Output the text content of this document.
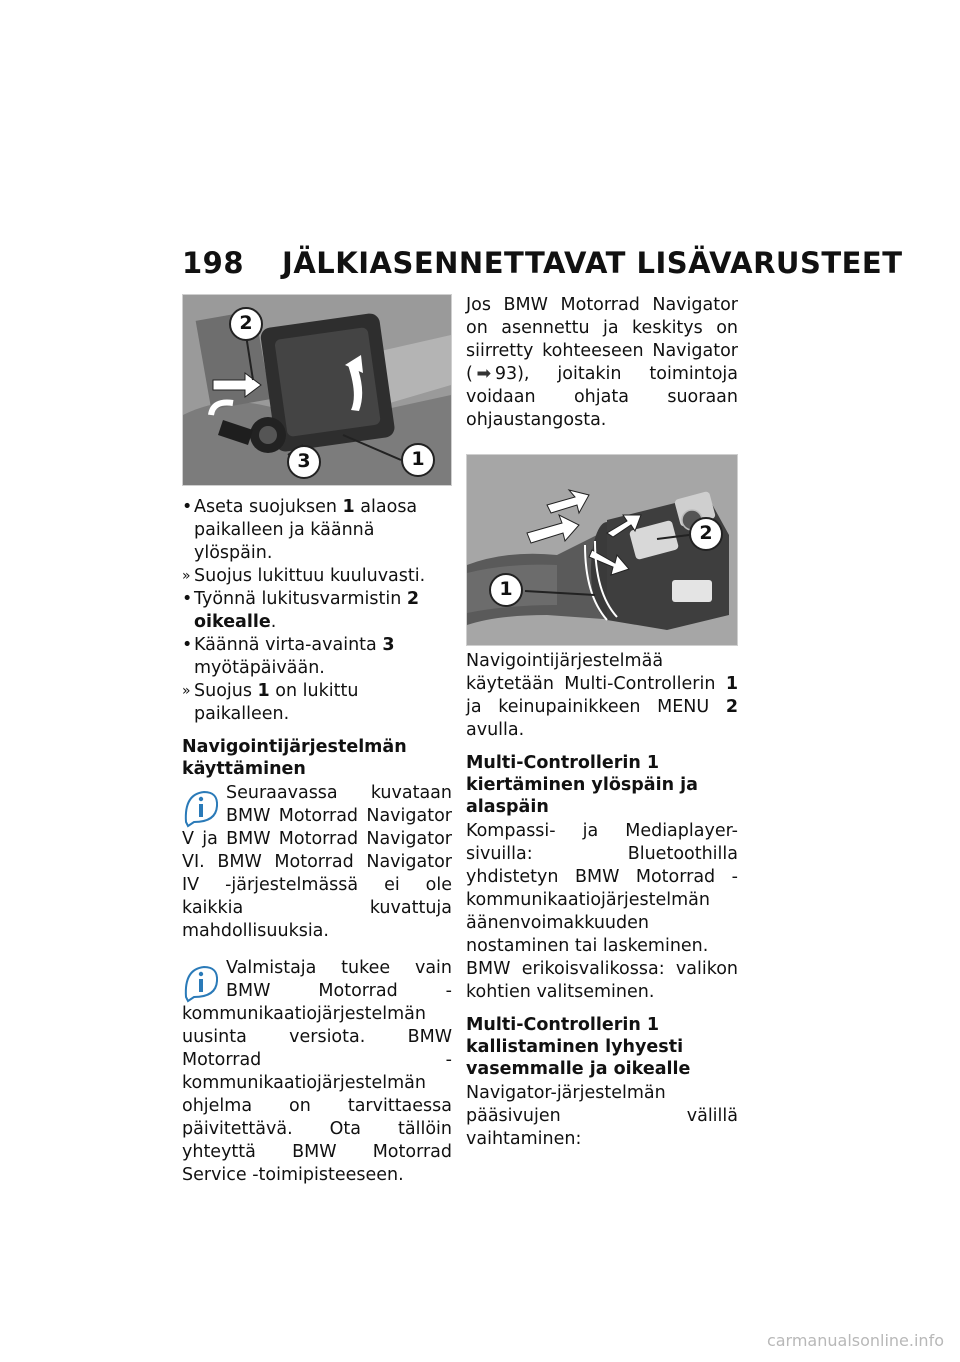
198 JÄLKIASENNETTAVAT LISÄVARUSTEET
2
3	1
• Aseta suojuksen 1 alaosa paikalleen ja käännä ylöspäin.
» Suojus lukittuu kuuluvasti.
• Työnnä lukitusvarmistin 2 oikealle.
• Käännä virta-avainta 3 myötäpäivään.
» Suojus 1 on lukittu paikalleen.
Navigointijärjestelmän käyttäminen

Seuraavassa kuvataan BMW Motorrad Navigator V ja BMW Motorrad Navigator VI. BMW Motorrad Navigator IV -järjestelmässä ei ole kaikkia kuvattuja mahdollisuuksia.

Valmistaja tukee vain BMW Motorrad -kommunikaatiojärjestelmän uusinta versiota. BMW Motorrad -kommunikaatiojärjestelmän ohjelma on tarvittaessa päivitettävä. Ota tällöin yhteyttä BMW Motorrad Service -toimipisteeseen.

Jos BMW Motorrad Navigator on asennettu ja keskitys on siirretty kohteeseen Navigator ( ➡ 93), joitakin toimintoja voidaan ohjata suoraan ohjaustangosta.

2
1

Navigointijärjestelmää käytetään Multi-Controllerin 1 ja keinupainikkeen MENU 2 avulla.

Multi-Controllerin 1 kiertäminen ylöspäin ja alaspäin

Kompassi- ja Mediaplayer-sivuilla: Bluetoothilla yhdistetyn BMW Motorrad -kommunikaatiojärjestelmän äänenvoimakkuuden nostaminen tai laskeminen.

BMW erikoisvalikossa: valikon kohtien valitseminen.

Multi-Controllerin 1 kallistaminen lyhyesti vasemmalle ja oikealle

Navigator-järjestelmän pääsivujen välillä vaihtaminen:

carmanualsonline.info
